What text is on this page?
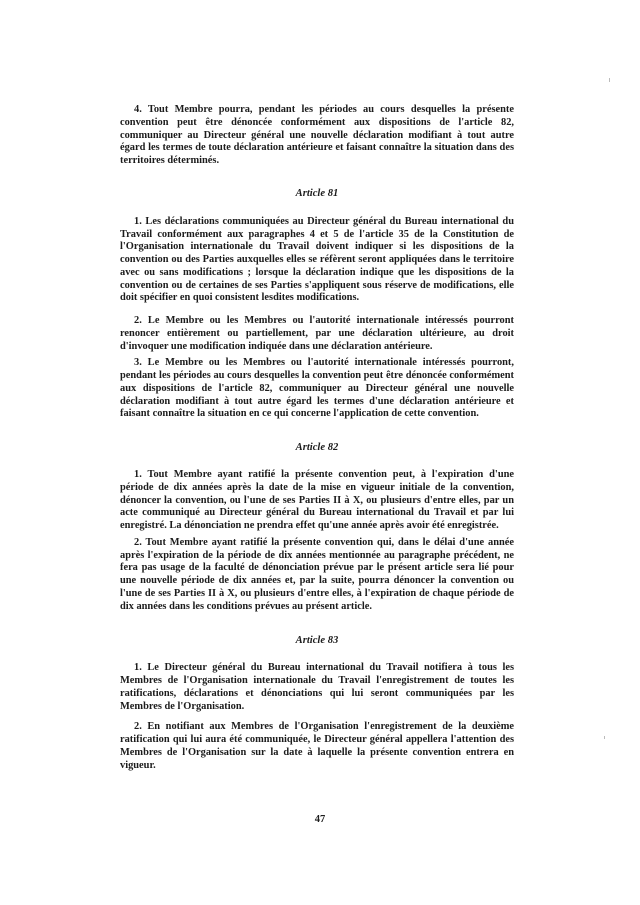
4. Tout Membre pourra, pendant les périodes au cours desquelles la présente convention peut être dénoncée conformément aux dispositions de l'article 82, communiquer au Directeur général une nouvelle déclaration modifiant à tout autre égard les termes de toute déclaration antérieure et faisant connaître la situation dans des territoires déterminés.

Article 81

1. Les déclarations communiquées au Directeur général du Bureau international du Travail conformément aux paragraphes 4 et 5 de l'article 35 de la Constitution de l'Organisation internationale du Travail doivent indiquer si les dispositions de la convention ou des Parties auxquelles elles se réfèrent seront appliquées dans le territoire avec ou sans modifications ; lorsque la déclaration indique que les dispositions de la convention ou de certaines de ses Parties s'appliquent sous réserve de modifications, elle doit spécifier en quoi consistent lesdites modifications.

2. Le Membre ou les Membres ou l'autorité internationale intéressés pourront renoncer entièrement ou partiellement, par une déclaration ultérieure, au droit d'invoquer une modification indiquée dans une déclaration antérieure.

3. Le Membre ou les Membres ou l'autorité internationale intéressés pourront, pendant les périodes au cours desquelles la convention peut être dénoncée conformément aux dispositions de l'article 82, communiquer au Directeur général une nouvelle déclaration modifiant à tout autre égard les termes d'une déclaration antérieure et faisant connaître la situation en ce qui concerne l'application de cette convention.

Article 82

1. Tout Membre ayant ratifié la présente convention peut, à l'expiration d'une période de dix années après la date de la mise en vigueur initiale de la convention, dénoncer la convention, ou l'une de ses Parties II à X, ou plusieurs d'entre elles, par un acte communiqué au Directeur général du Bureau international du Travail et par lui enregistré. La dénonciation ne prendra effet qu'une année après avoir été enregistrée.

2. Tout Membre ayant ratifié la présente convention qui, dans le délai d'une année après l'expiration de la période de dix années mentionnée au paragraphe précédent, ne fera pas usage de la faculté de dénonciation prévue par le présent article sera lié pour une nouvelle période de dix années et, par la suite, pourra dénoncer la convention ou l'une de ses Parties II à X, ou plusieurs d'entre elles, à l'expiration de chaque période de dix années dans les conditions prévues au présent article.

Article 83

1. Le Directeur général du Bureau international du Travail notifiera à tous les Membres de l'Organisation internationale du Travail l'enregistrement de toutes les ratifications, déclarations et dénonciations qui lui seront communiquées par les Membres de l'Organisation.

2. En notifiant aux Membres de l'Organisation l'enregistrement de la deuxième ratification qui lui aura été communiquée, le Directeur général appellera l'attention des Membres de l'Organisation sur la date à laquelle la présente convention entrera en vigueur.

47
